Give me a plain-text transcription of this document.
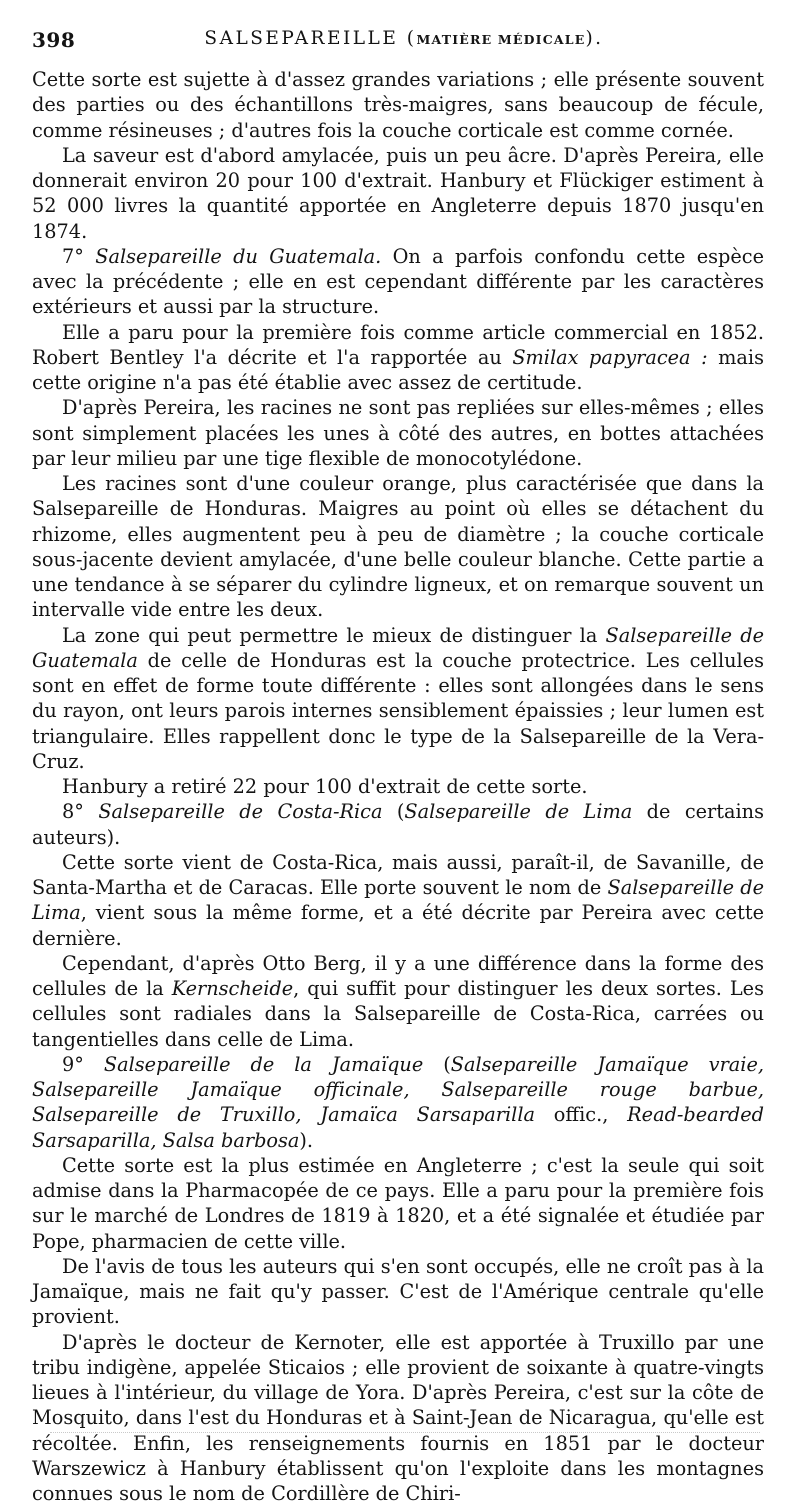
398	SALSEPAREILLE (MATIÈRE MÉDICALE).

Cette sorte est sujette à d'assez grandes variations ; elle présente souvent des parties ou des échantillons très-maigres, sans beaucoup de fécule, comme résineuses ; d'autres fois la couche corticale est comme cornée.

La saveur est d'abord amylacée, puis un peu âcre. D'après Pereira, elle donnerait environ 20 pour 100 d'extrait. Hanbury et Flückiger estiment à 52 000 livres la quantité apportée en Angleterre depuis 1870 jusqu'en 1874.

7° Salsepareille du Guatemala. On a parfois confondu cette espèce avec la précédente ; elle en est cependant différente par les caractères extérieurs et aussi par la structure.

Elle a paru pour la première fois comme article commercial en 1852. Robert Bentley l'a décrite et l'a rapportée au Smilax papyracea : mais cette origine n'a pas été établie avec assez de certitude.

D'après Pereira, les racines ne sont pas repliées sur elles-mêmes ; elles sont simplement placées les unes à côté des autres, en bottes attachées par leur milieu par une tige flexible de monocotylédone.

Les racines sont d'une couleur orange, plus caractérisée que dans la Salsepareille de Honduras. Maigres au point où elles se détachent du rhizome, elles augmentent peu à peu de diamètre ; la couche corticale sous-jacente devient amylacée, d'une belle couleur blanche. Cette partie a une tendance à se séparer du cylindre ligneux, et on remarque souvent un intervalle vide entre les deux.

La zone qui peut permettre le mieux de distinguer la Salsepareille de Guatemala de celle de Honduras est la couche protectrice. Les cellules sont en effet de forme toute différente : elles sont allongées dans le sens du rayon, ont leurs parois internes sensiblement épaissies ; leur lumen est triangulaire. Elles rappellent donc le type de la Salsepareille de la Vera-Cruz.

Hanbury a retiré 22 pour 100 d'extrait de cette sorte.

8° Salsepareille de Costa-Rica (Salsepareille de Lima de certains auteurs).

Cette sorte vient de Costa-Rica, mais aussi, paraît-il, de Savanille, de Santa-Martha et de Caracas. Elle porte souvent le nom de Salsepareille de Lima, vient sous la même forme, et a été décrite par Pereira avec cette dernière.

Cependant, d'après Otto Berg, il y a une différence dans la forme des cellules de la Kernscheide, qui suffit pour distinguer les deux sortes. Les cellules sont radiales dans la Salsepareille de Costa-Rica, carrées ou tangentielles dans celle de Lima.

9° Salsepareille de la Jamaïque (Salsepareille Jamaïque vraie, Salsepareille Jamaïque officinale, Salsepareille rouge barbue, Salsepareille de Truxillo, Jamaïca Sarsaparilla offic., Read-bearded Sarsaparilla, Salsa barbosa).

Cette sorte est la plus estimée en Angleterre ; c'est la seule qui soit admise dans la Pharmacopée de ce pays. Elle a paru pour la première fois sur le marché de Londres de 1819 à 1820, et a été signalée et étudiée par Pope, pharmacien de cette ville.

De l'avis de tous les auteurs qui s'en sont occupés, elle ne croît pas à la Jamaïque, mais ne fait qu'y passer. C'est de l'Amérique centrale qu'elle provient.

D'après le docteur de Kernoter, elle est apportée à Truxillo par une tribu indigène, appelée Sticaios ; elle provient de soixante à quatre-vingts lieues à l'intérieur, du village de Yora. D'après Pereira, c'est sur la côte de Mosquito, dans l'est du Honduras et à Saint-Jean de Nicaragua, qu'elle est récoltée. Enfin, les renseignements fournis en 1851 par le docteur Warszewicz à Hanbury établissent qu'on l'exploite dans les montagnes connues sous le nom de Cordillère de Chiri-
